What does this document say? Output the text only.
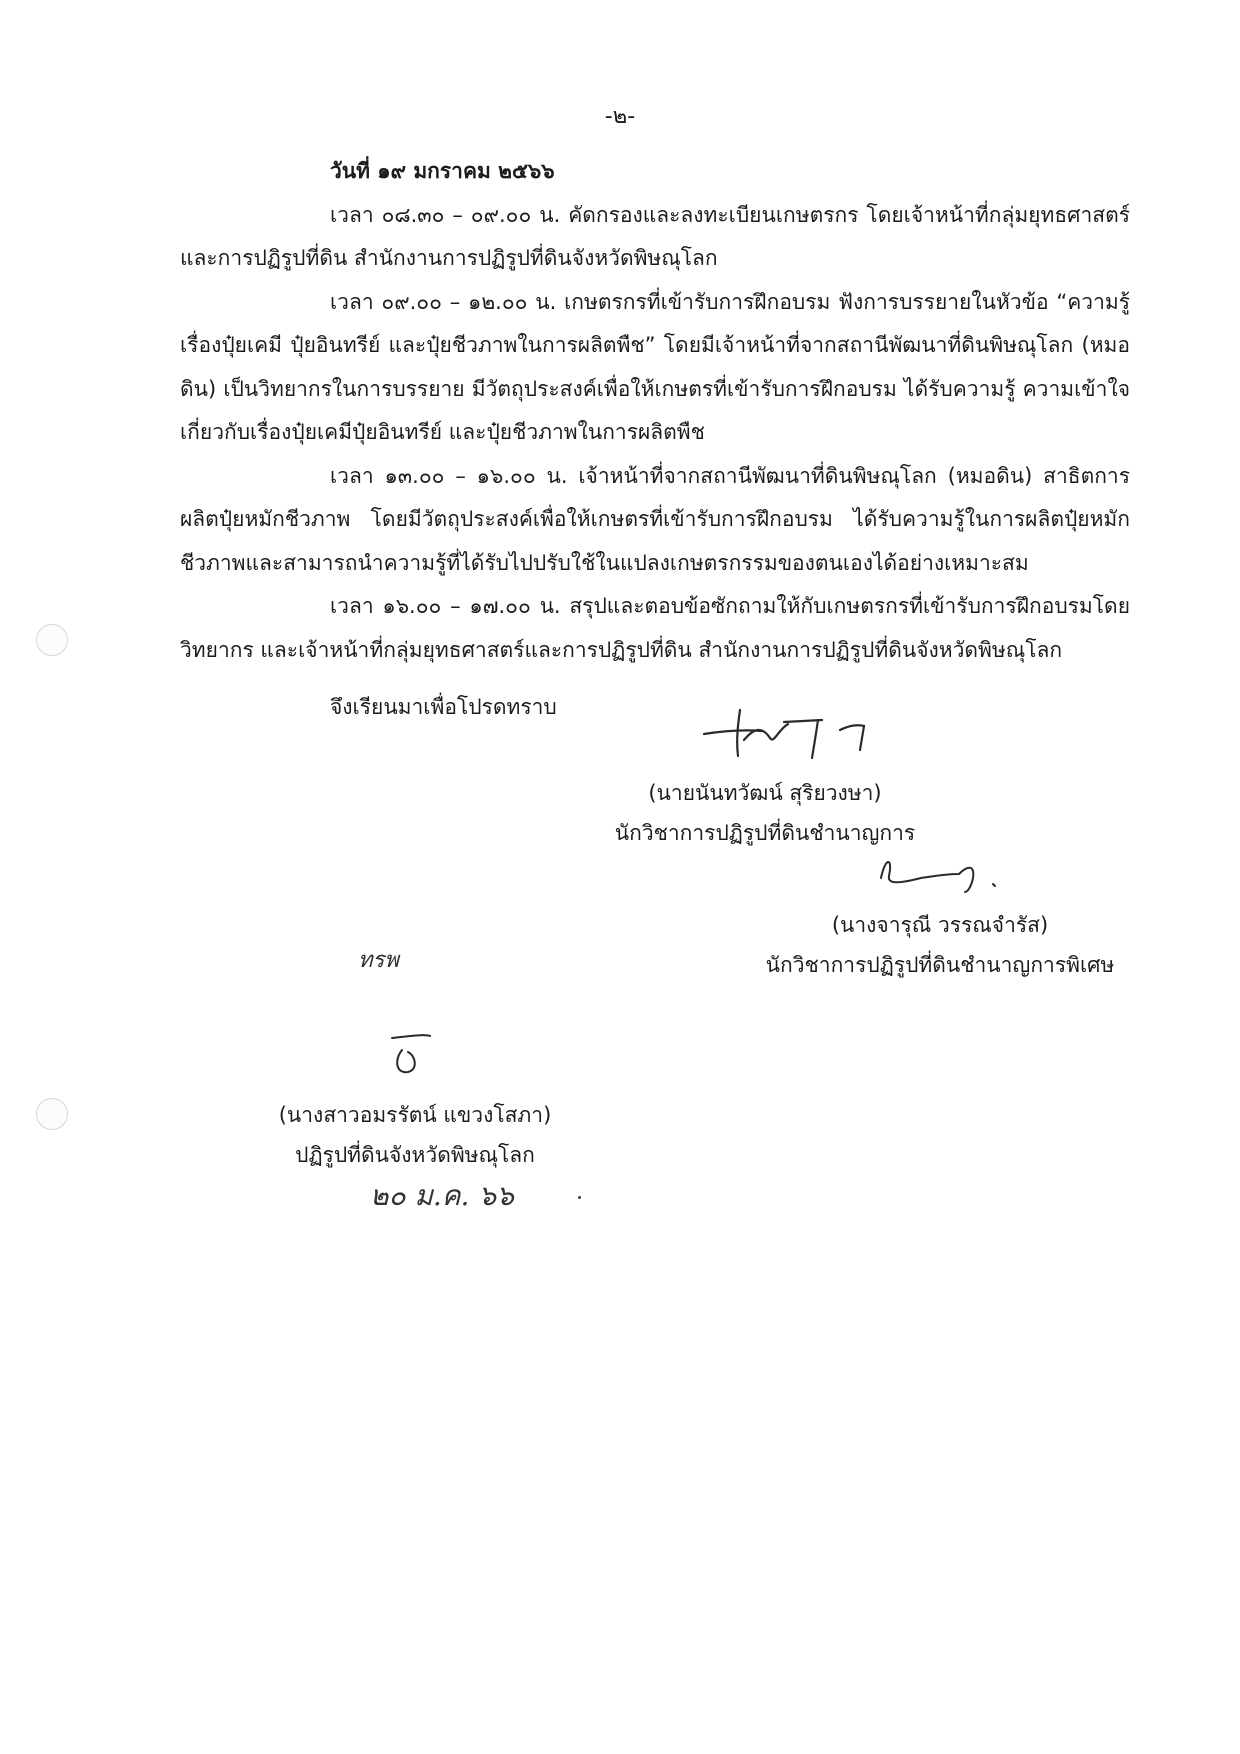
-๒-
วันที่ ๑๙ มกราคม ๒๕๖๖

เวลา ๐๘.๓๐ – ๐๙.๐๐ น. คัดกรองและลงทะเบียนเกษตรกร โดยเจ้าหน้าที่กลุ่มยุทธศาสตร์และการปฏิรูปที่ดิน สำนักงานการปฏิรูปที่ดินจังหวัดพิษณุโลก

เวลา ๐๙.๐๐ – ๑๒.๐๐ น. เกษตรกรที่เข้ารับการฝึกอบรม ฟังการบรรยายในหัวข้อ “ความรู้เรื่องปุ๋ยเคมี ปุ๋ยอินทรีย์ และปุ๋ยชีวภาพในการผลิตพืช” โดยมีเจ้าหน้าที่จากสถานีพัฒนาที่ดินพิษณุโลก (หมอดิน) เป็นวิทยากรในการบรรยาย มีวัตถุประสงค์เพื่อให้เกษตรที่เข้ารับการฝึกอบรม ได้รับความรู้ ความเข้าใจ เกี่ยวกับเรื่องปุ๋ยเคมีปุ๋ยอินทรีย์ และปุ๋ยชีวภาพในการผลิตพืช

เวลา ๑๓.๐๐ – ๑๖.๐๐ น. เจ้าหน้าที่จากสถานีพัฒนาที่ดินพิษณุโลก (หมอดิน) สาธิตการผลิตปุ๋ยหมักชีวภาพ โดยมีวัตถุประสงค์เพื่อให้เกษตรที่เข้ารับการฝึกอบรม ได้รับความรู้ในการผลิตปุ๋ยหมักชีวภาพและสามารถนำความรู้ที่ได้รับไปปรับใช้ในแปลงเกษตรกรรมของตนเองได้อย่างเหมาะสม

เวลา ๑๖.๐๐ – ๑๗.๐๐ น. สรุปและตอบข้อซักถามให้กับเกษตรกรที่เข้ารับการฝึกอบรมโดยวิทยากร และเจ้าหน้าที่กลุ่มยุทธศาสตร์และการปฏิรูปที่ดิน สำนักงานการปฏิรูปที่ดินจังหวัดพิษณุโลก

จึงเรียนมาเพื่อโปรดทราบ

(นายนันทวัฒน์ สุริยวงษา)
นักวิชาการปฏิรูปที่ดินชำนาญการ
(นางจารุณี วรรณจำรัส)
นักวิชาการปฏิรูปที่ดินชำนาญการพิเศษ
ทรพ
(นางสาวอมรรัตน์ แขวงโสภา)
ปฏิรูปที่ดินจังหวัดพิษณุโลก
๒๐ ม.ค. ๖๖
